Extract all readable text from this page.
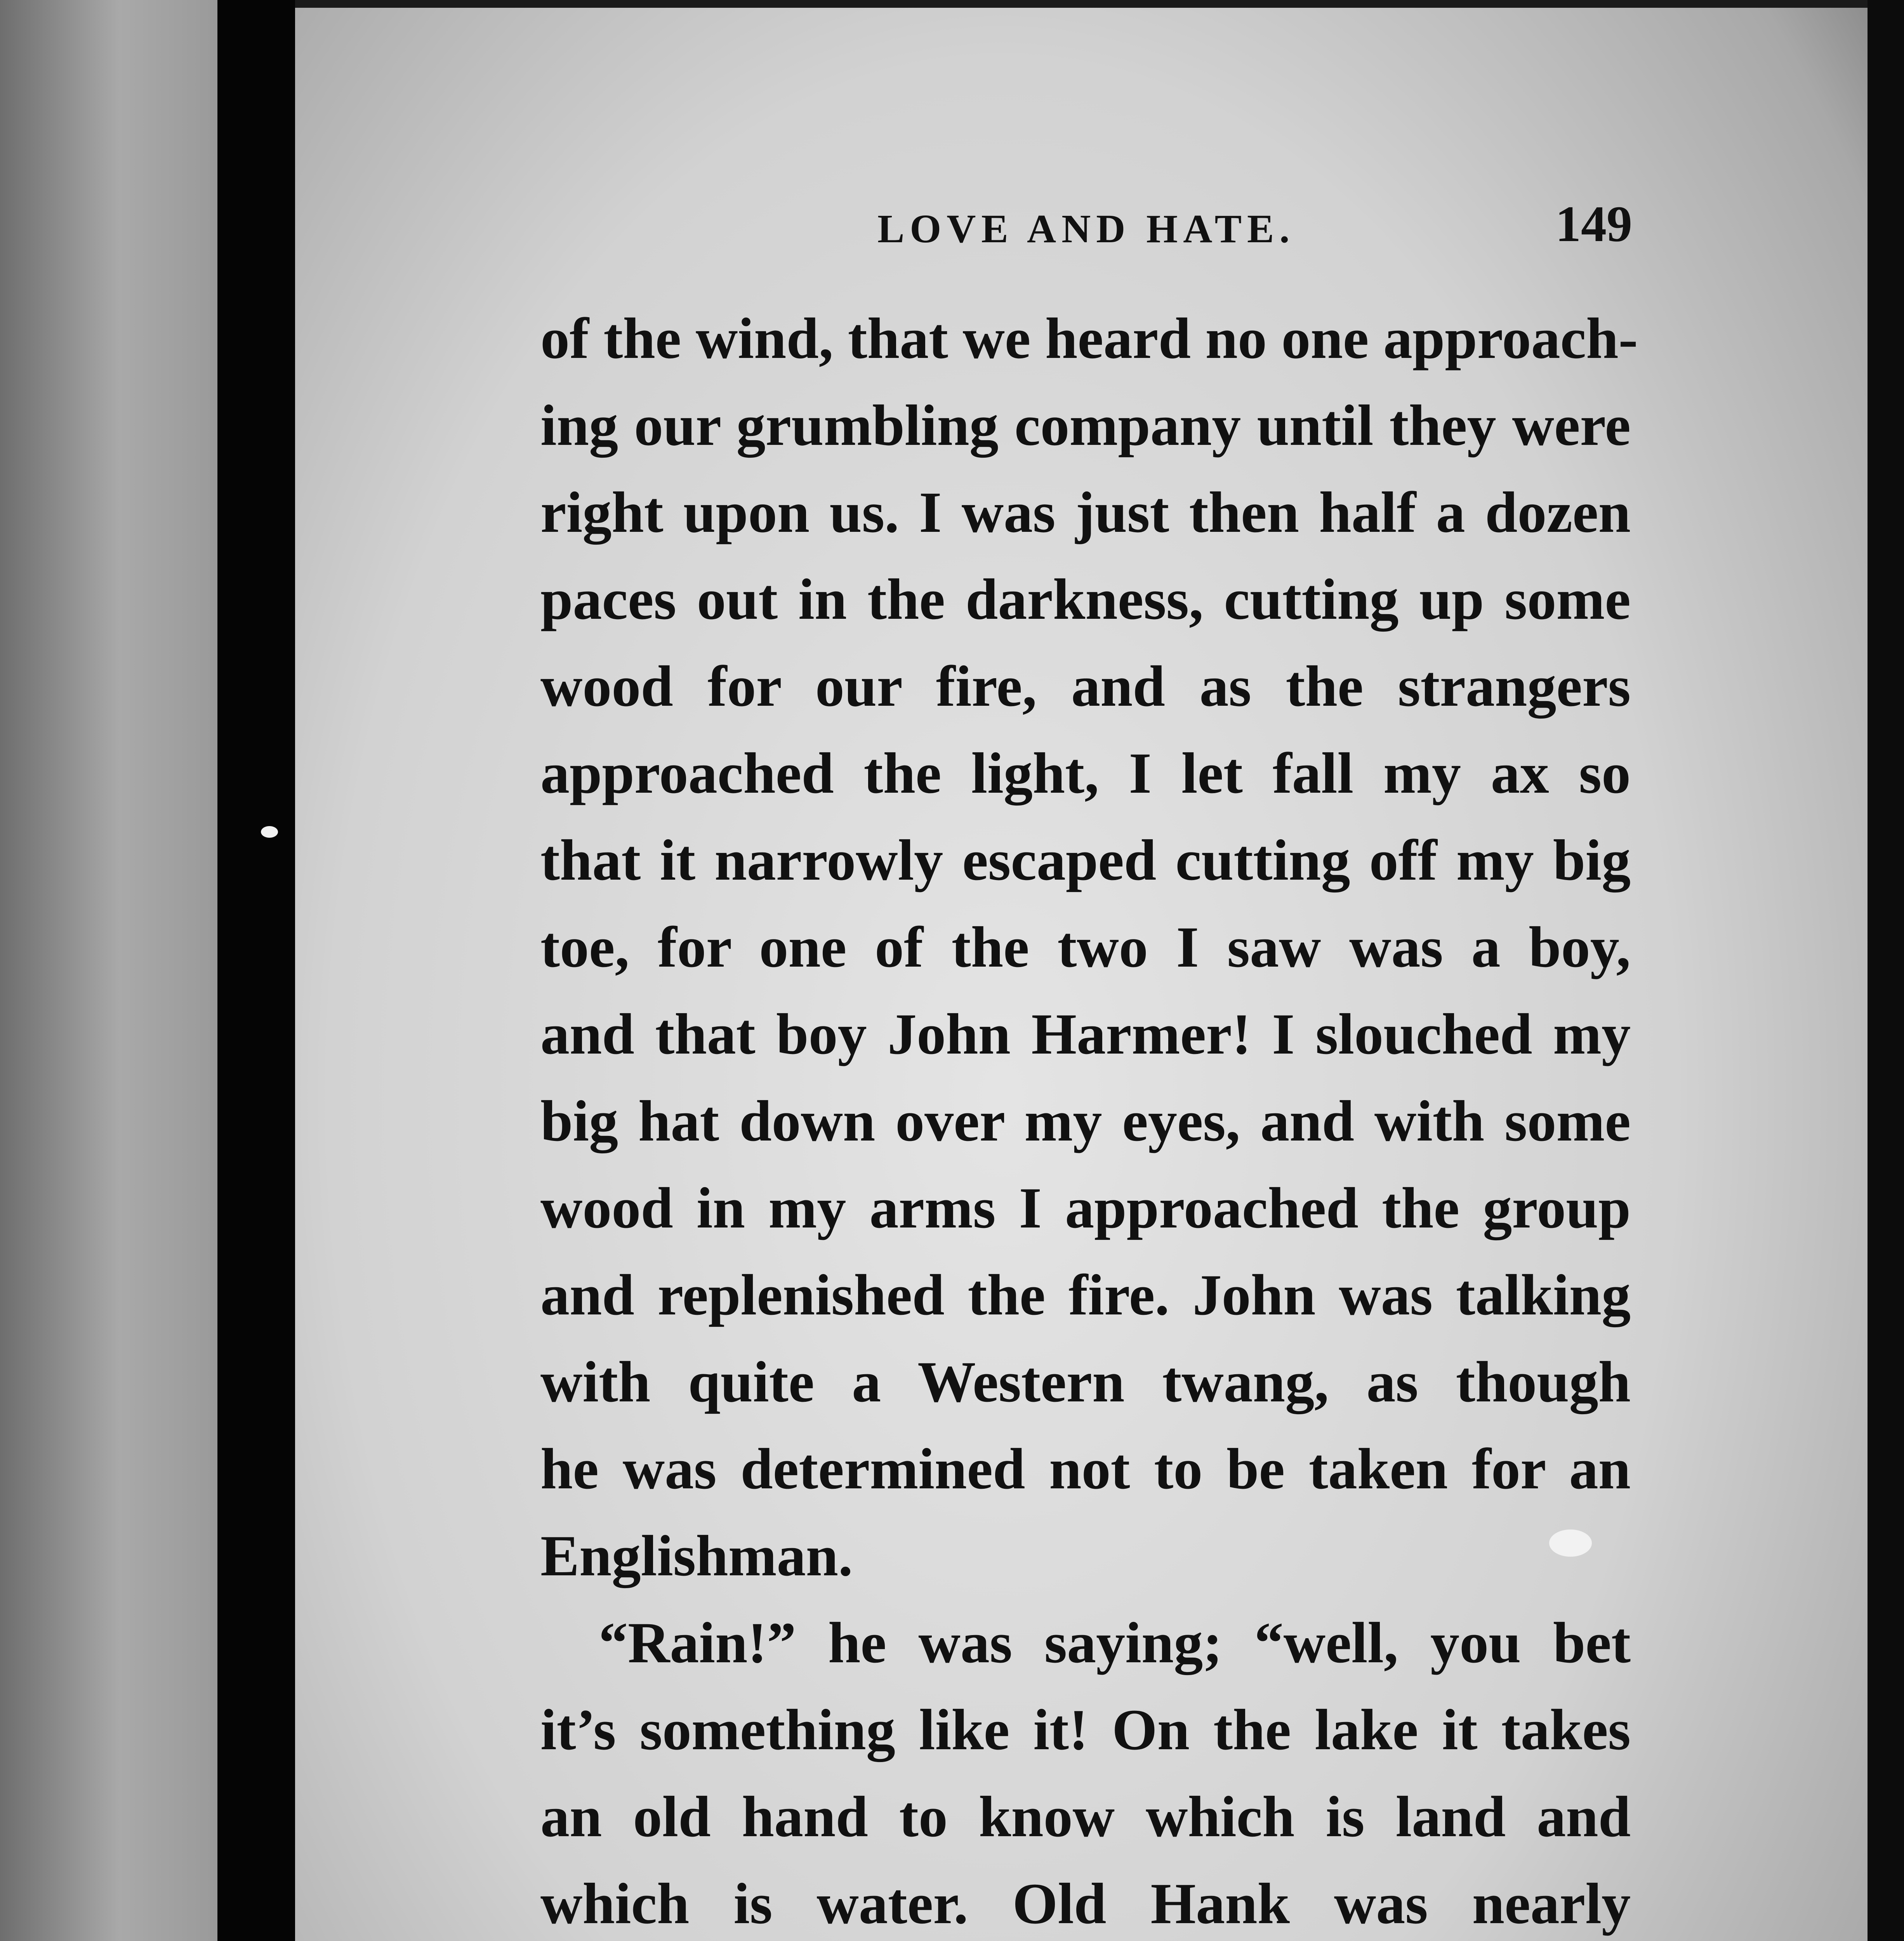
LOVE AND HATE.	149
of the wind, that we heard no one approach-
ing our grumbling company until they were
right upon us. I was just then half a dozen
paces out in the darkness, cutting up some
wood for our fire, and as the strangers
approached the light, I let fall my ax so
that it narrowly escaped cutting off my big
toe, for one of the two I saw was a boy,
and that boy John Harmer! I slouched my
big hat down over my eyes, and with some
wood in my arms I approached the group
and replenished the fire. John was talking
with quite a Western twang, as though
he was determined not to be taken for an
Englishman.
“Rain!” he was saying; “well, you bet
it’s something like it! On the lake it takes
an old hand to know which is land and
which is water. Old Hank was nearly
